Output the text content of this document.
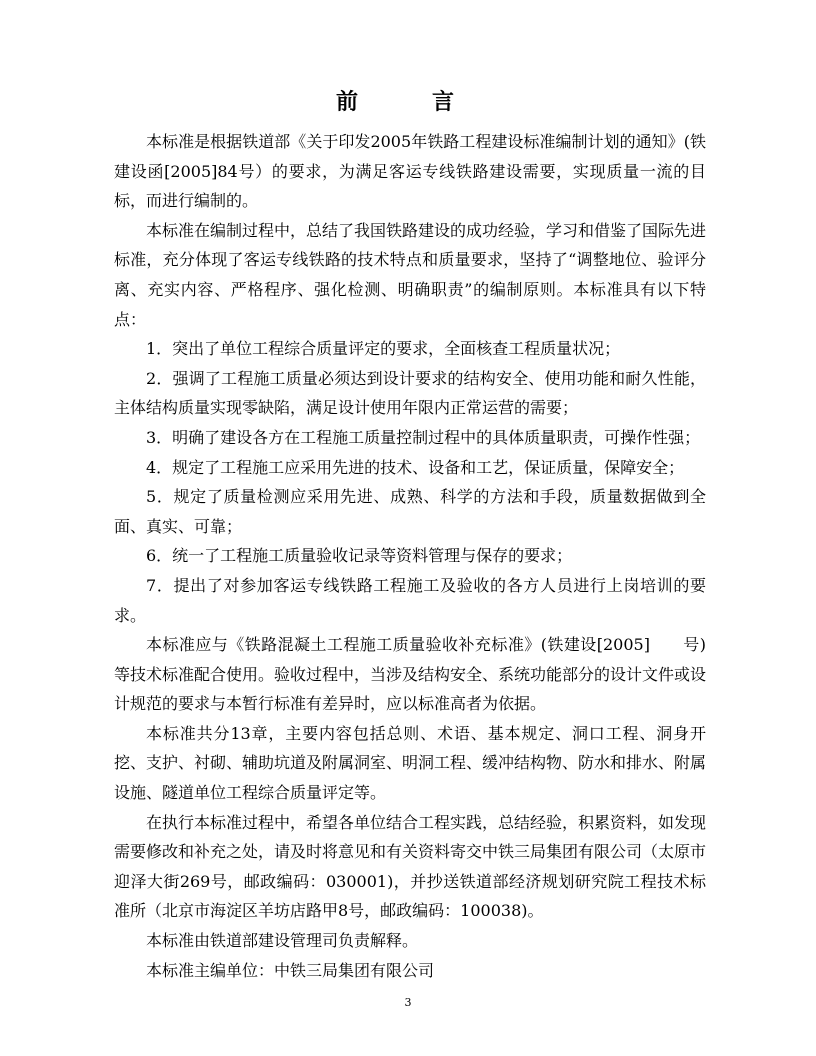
前　言

本标准是根据铁道部《关于印发2005年铁路工程建设标准编制计划的通知》(铁建设函[2005]84号）的要求，为满足客运专线铁路建设需要，实现质量一流的目标，而进行编制的。

本标准在编制过程中，总结了我国铁路建设的成功经验，学习和借鉴了国际先进标准，充分体现了客运专线铁路的技术特点和质量要求，坚持了“调整地位、验评分离、充实内容、严格程序、强化检测、明确职责”的编制原则。本标准具有以下特点：

1．突出了单位工程综合质量评定的要求，全面核查工程质量状况；

2．强调了工程施工质量必须达到设计要求的结构安全、使用功能和耐久性能，主体结构质量实现零缺陷，满足设计使用年限内正常运营的需要；

3．明确了建设各方在工程施工质量控制过程中的具体质量职责，可操作性强；

4．规定了工程施工应采用先进的技术、设备和工艺，保证质量，保障安全；

5．规定了质量检测应采用先进、成熟、科学的方法和手段，质量数据做到全面、真实、可靠；

6．统一了工程施工质量验收记录等资料管理与保存的要求；

7．提出了对参加客运专线铁路工程施工及验收的各方人员进行上岗培训的要求。

本标准应与《铁路混凝土工程施工质量验收补充标准》(铁建设[2005]　　号)等技术标准配合使用。验收过程中，当涉及结构安全、系统功能部分的设计文件或设计规范的要求与本暂行标准有差异时，应以标准高者为依据。

本标准共分13章，主要内容包括总则、术语、基本规定、洞口工程、洞身开挖、支护、衬砌、辅助坑道及附属洞室、明洞工程、缓冲结构物、防水和排水、附属设施、隧道单位工程综合质量评定等。

在执行本标准过程中，希望各单位结合工程实践，总结经验，积累资料，如发现需要修改和补充之处，请及时将意见和有关资料寄交中铁三局集团有限公司（太原市迎泽大街269号，邮政编码：030001)，并抄送铁道部经济规划研究院工程技术标准所（北京市海淀区羊坊店路甲8号，邮政编码：100038)。

本标准由铁道部建设管理司负责解释。

本标准主编单位：中铁三局集团有限公司

3
